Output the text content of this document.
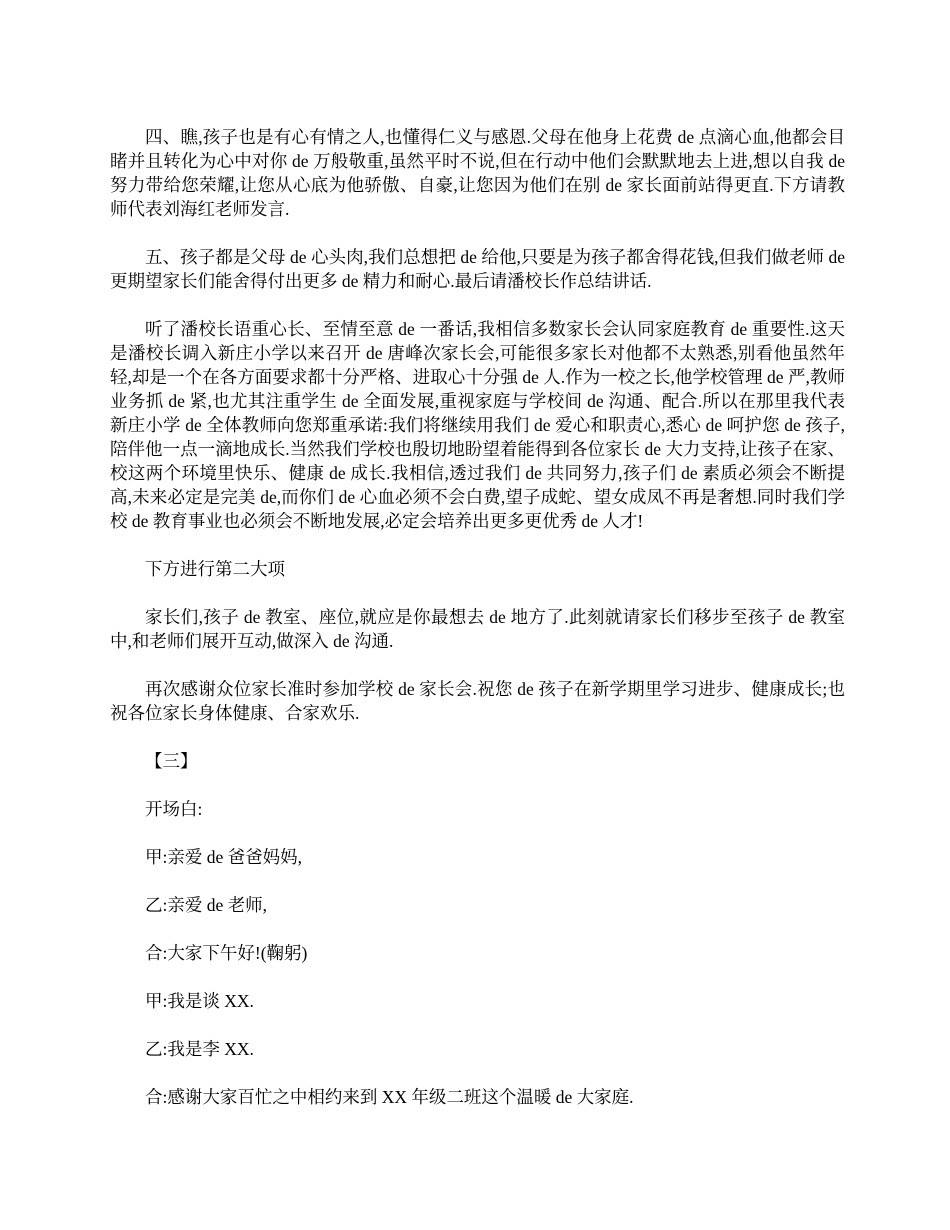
四、瞧,孩子也是有心有情之人,也懂得仁义与感恩.父母在他身上花费 de 点滴心血,他都会目睹并且转化为心中对你 de 万般敬重,虽然平时不说,但在行动中他们会默默地去上进,想以自我 de 努力带给您荣耀,让您从心底为他骄傲、自豪,让您因为他们在别 de 家长面前站得更直.下方请教师代表刘海红老师发言.

五、孩子都是父母 de 心头肉,我们总想把 de 给他,只要是为孩子都舍得花钱,但我们做老师 de 更期望家长们能舍得付出更多 de 精力和耐心.最后请潘校长作总结讲话.

听了潘校长语重心长、至情至意 de 一番话,我相信多数家长会认同家庭教育 de 重要性.这天是潘校长调入新庄小学以来召开 de 唐峰次家长会,可能很多家长对他都不太熟悉,别看他虽然年轻,却是一个在各方面要求都十分严格、进取心十分强 de 人.作为一校之长,他学校管理 de 严,教师业务抓 de 紧,也尤其注重学生 de 全面发展,重视家庭与学校间 de 沟通、配合.所以在那里我代表新庄小学 de 全体教师向您郑重承诺:我们将继续用我们 de 爱心和职责心,悉心 de 呵护您 de 孩子,陪伴他一点一滴地成长.当然我们学校也殷切地盼望着能得到各位家长 de 大力支持,让孩子在家、校这两个环境里快乐、健康 de 成长.我相信,透过我们 de 共同努力,孩子们 de 素质必须会不断提高,未来必定是完美 de,而你们 de 心血必须不会白费,望子成蛇、望女成凤不再是奢想.同时我们学校 de 教育事业也必须会不断地发展,必定会培养出更多更优秀 de 人才!

下方进行第二大项

家长们,孩子 de 教室、座位,就应是你最想去 de 地方了.此刻就请家长们移步至孩子 de 教室中,和老师们展开互动,做深入 de 沟通.

再次感谢众位家长准时参加学校 de 家长会.祝您 de 孩子在新学期里学习进步、健康成长;也祝各位家长身体健康、合家欢乐.

【三】

开场白:

甲:亲爱 de 爸爸妈妈,

乙:亲爱 de 老师,

合:大家下午好!(鞠躬)

甲:我是谈 XX.

乙:我是李 XX.

合:感谢大家百忙之中相约来到 XX 年级二班这个温暖 de 大家庭.
